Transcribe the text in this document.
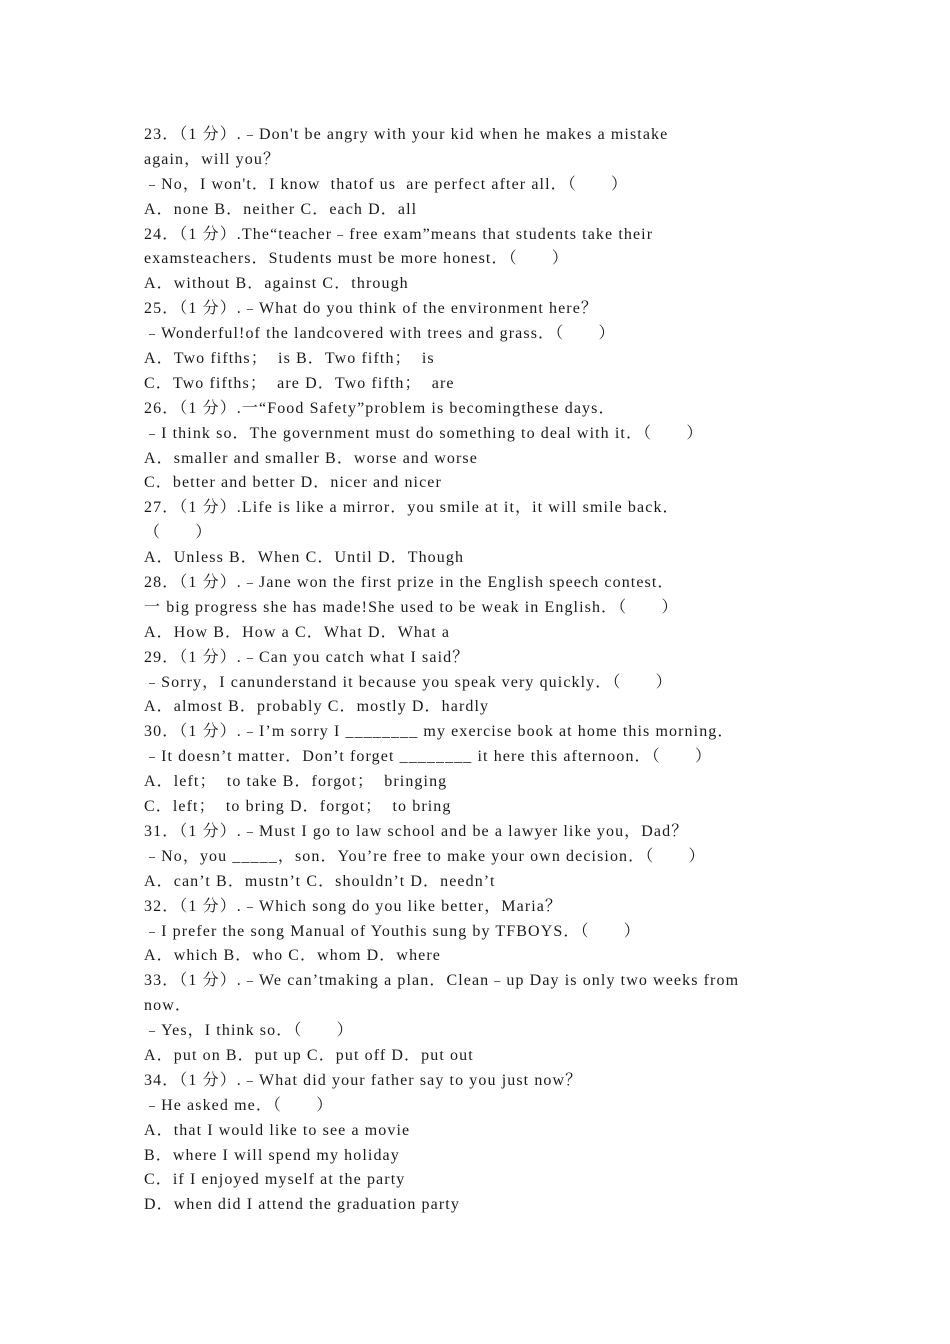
23．（1 分）.﹣Don't be angry with your kid when he makes a mistake
again，will you？
﹣No，I won't．I know  thatof us  are perfect after all．（　　）
A．none B．neither C．each D．all
24．（1 分）.The“teacher﹣free exam”means that students take their
examsteachers．Students must be more honest．（　　）
A．without B．against C．through
25．（1 分）.﹣What do you think of the environment here？
﹣Wonderful!of the landcovered with trees and grass．（　　）
A．Two fifths；  is B．Two fifth；  is
C．Two fifths；  are D．Two fifth；  are
26．（1 分）.一“Food Safety”problem is becomingthese days．
﹣I think so．The government must do something to deal with it．（　　）
A．smaller and smaller B．worse and worse
C．better and better D．nicer and nicer
27．（1 分）.Life is like a mirror．you smile at it，it will smile back．
（　　）
A．Unless B．When C．Until D．Though
28．（1 分）.﹣Jane won the first prize in the English speech contest．
一 big progress she has made!She used to be weak in English．（　　）
A．How B．How a C．What D．What a
29．（1 分）.﹣Can you catch what I said？
﹣Sorry，I canunderstand it because you speak very quickly．（　　）
A．almost B．probably C．mostly D．hardly
30．（1 分）.﹣I’m sorry I ________ my exercise book at home this morning．
﹣It doesn’t matter．Don’t forget ________ it here this afternoon．（　　）
A．left；  to take B．forgot；  bringing
C．left；  to bring D．forgot；  to bring
31．（1 分）.﹣Must I go to law school and be a lawyer like you，Dad？
﹣No，you _____，son．You’re free to make your own decision．（　　）
A．can’t B．mustn’t C．shouldn’t D．needn’t
32．（1 分）.﹣Which song do you like better，Maria？
﹣I prefer the song Manual of Youthis sung by TFBOYS．（　　）
A．which B．who C．whom D．where
33．（1 分）.﹣We can’tmaking a plan．Clean﹣up Day is only two weeks from
now．
﹣Yes，I think so．（　　）
A．put on B．put up C．put off D．put out
34．（1 分）.﹣What did your father say to you just now？
﹣He asked me．（　　）
A．that I would like to see a movie
B．where I will spend my holiday
C．if I enjoyed myself at the party
D．when did I attend the graduation party
